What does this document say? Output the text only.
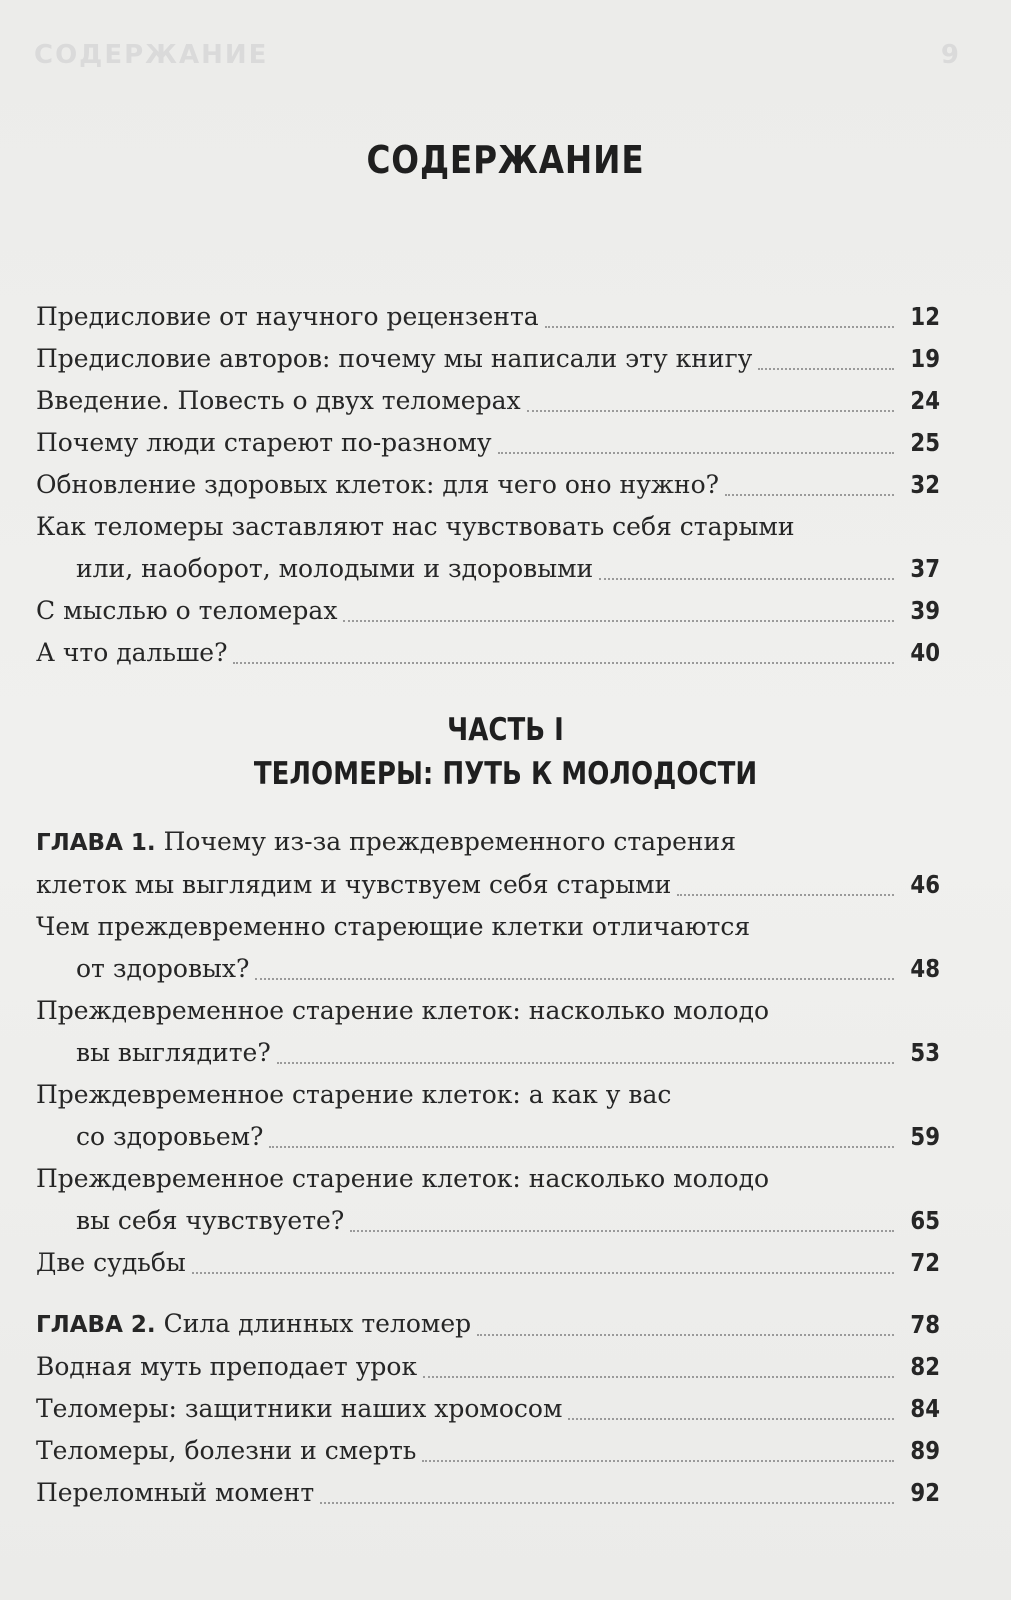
СОДЕРЖАНИЕ	9
СОДЕРЖАНИЕ
Предисловие от научного рецензента	12
Предисловие авторов: почему мы написали эту книгу	19
Введение. Повесть о двух теломерах	24
Почему люди стареют по-разному	25
Обновление здоровых клеток: для чего оно нужно?	32
Как теломеры заставляют нас чувствовать себя старыми
или, наоборот, молодыми и здоровыми	37
С мыслью о теломерах	39
А что дальше?	40
ЧАСТЬ I
ТЕЛОМЕРЫ: ПУТЬ К МОЛОДОСТИ
ГЛАВА 1. Почему из-за преждевременного старения
клеток мы выглядим и чувствуем себя старыми	46
Чем преждевременно стареющие клетки отличаются
от здоровых?	48
Преждевременное старение клеток: насколько молодо
вы выглядите?	53
Преждевременное старение клеток: а как у вас
со здоровьем?	59
Преждевременное старение клеток: насколько молодо
вы себя чувствуете?	65
Две судьбы	72
ГЛАВА 2. Сила длинных теломер	78
Водная муть преподает урок	82
Теломеры: защитники наших хромосом	84
Теломеры, болезни и смерть	89
Переломный момент	92
